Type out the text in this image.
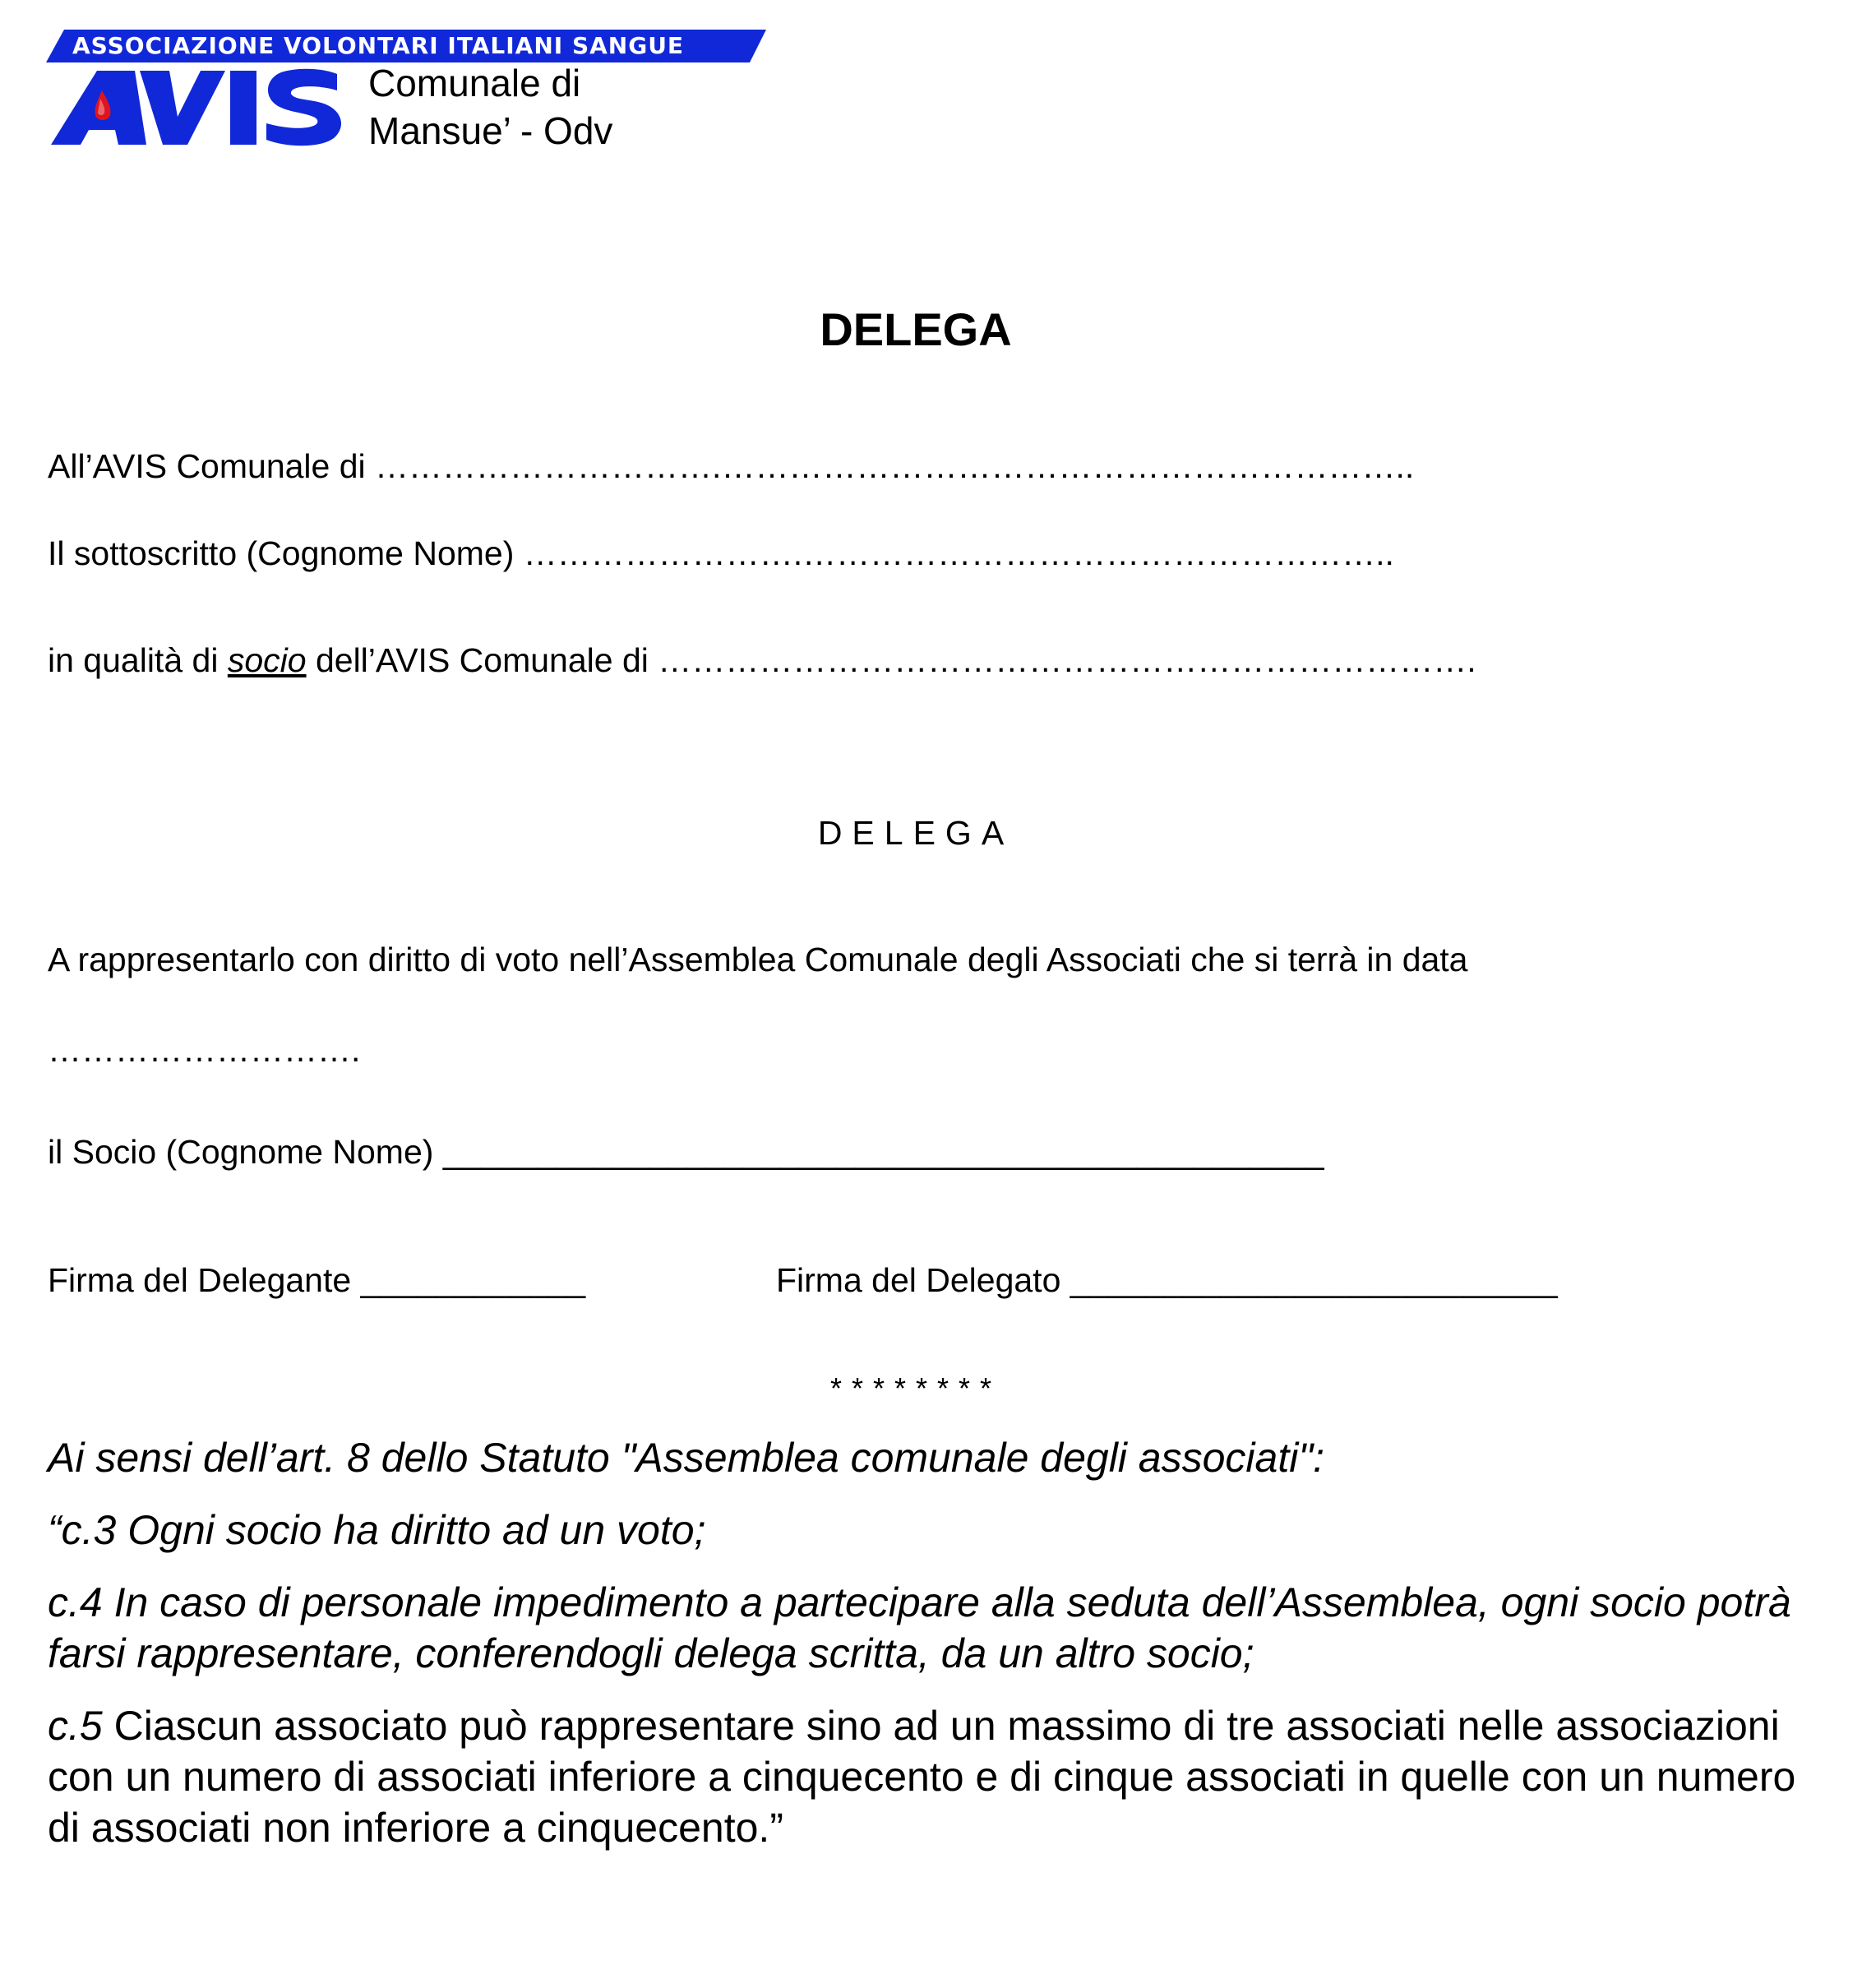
ASSOCIAZIONE VOLONTARI ITALIANI SANGUE
Comunale di
Mansue’ - Odv
DELEGA
All’AVIS Comunale di ………………………….……………………………………………………..
Il sottoscritto (Cognome Nome) …………………….……………………………………………..
in qualità di socio dell’AVIS Comunale di ……………………………………………………………….
DELEGA
A rappresentarlo con diritto di voto nell’Assemblea Comunale degli Associati che si terrà in data
……………………….
il Socio (Cognome Nome) _______________________________________________
Firma del Delegante ____________	Firma del Delegato __________________________
********
Ai sensi dell’art. 8 dello Statuto "Assemblea comunale degli associati":
“c.3 Ogni socio ha diritto ad un voto;
c.4 In caso di personale impedimento a partecipare alla seduta dell’Assemblea, ogni socio potrà farsi rappresentare, conferendogli delega scritta, da un altro socio;
c.5 Ciascun associato può rappresentare sino ad un massimo di tre associati nelle associazioni con un numero di associati inferiore a cinquecento e di cinque associati in quelle con un numero di associati non inferiore a cinquecento.”
